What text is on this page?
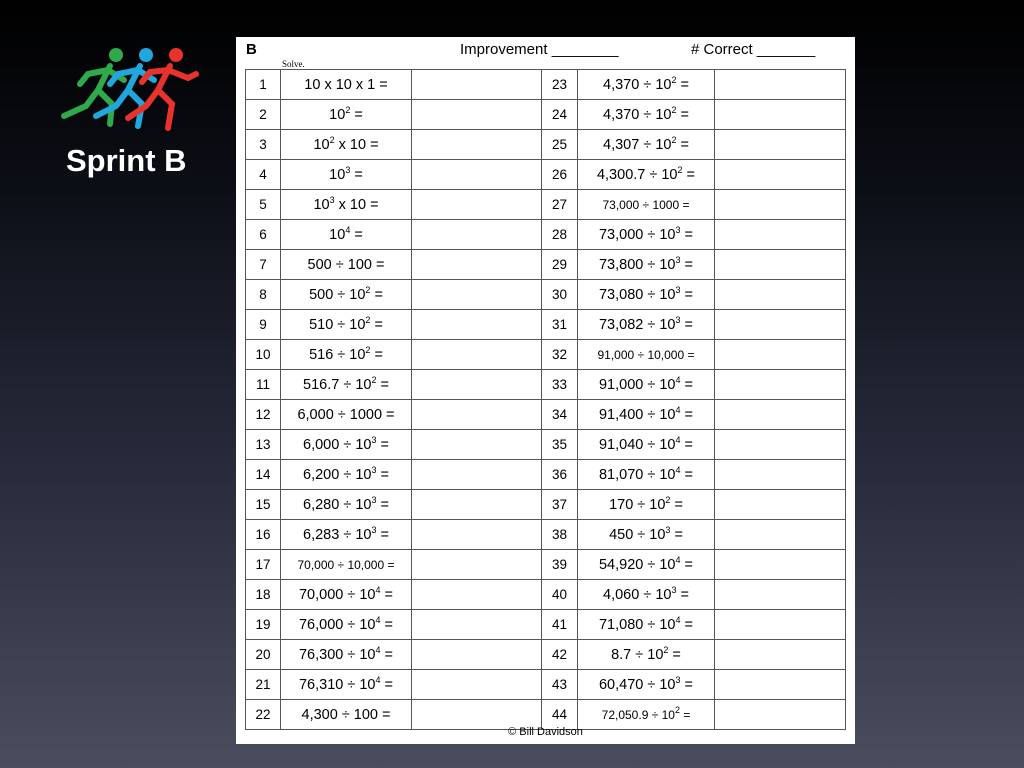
Sprint B
B	Improvement ________	# Correct _______
Solve.
1	10 x 10 x 1 =		23	$4,370 \div 10^2$ =	
2	$10^2$ =		24	$4,370 \div 10^2$ =	
3	$10^2$ x 10 =		25	$4,307 \div 10^2$ =	
4	$10^3$ =		26	$4,300.7 \div 10^2$ =	
5	$10^3$ x 10 =		27	73,000 ÷ 1000 =	
6	$10^4$ =		28	$73,000 \div 10^3$ =	
7	500 ÷ 100 =		29	$73,800 \div 10^3$ =	
8	$500 \div 10^2$ =		30	$73,080 \div 10^3$ =	
9	$510 \div 10^2$ =		31	$73,082 \div 10^3$ =	
10	$516 \div 10^2$ =		32	91,000 ÷ 10,000 =	
11	$516.7 \div 10^2$ =		33	$91,000 \div 10^4$ =	
12	6,000 ÷ 1000 =		34	$91,400 \div 10^4$ =	
13	$6,000 \div 10^3$ =		35	$91,040 \div 10^4$ =	
14	$6,200 \div 10^3$ =		36	$81,070 \div 10^4$ =	
15	$6,280 \div 10^3$ =		37	$170 \div 10^2$ =	
16	$6,283 \div 10^3$ =		38	$450 \div 10^3$ =	
17	70,000 ÷ 10,000 =		39	$54,920 \div 10^4$ =	
18	$70,000 \div 10^4$ =		40	$4,060 \div 10^3$ =	
19	$76,000 \div 10^4$ =		41	$71,080 \div 10^4$ =	
20	$76,300 \div 10^4$ =		42	$8.7 \div 10^2$ =	
21	$76,310 \div 10^4$ =		43	$60,470 \div 10^3$ =	
22	4,300 ÷ 100 =		44	$72,050.9 \div 10^2$ =	
© Bill Davidson
